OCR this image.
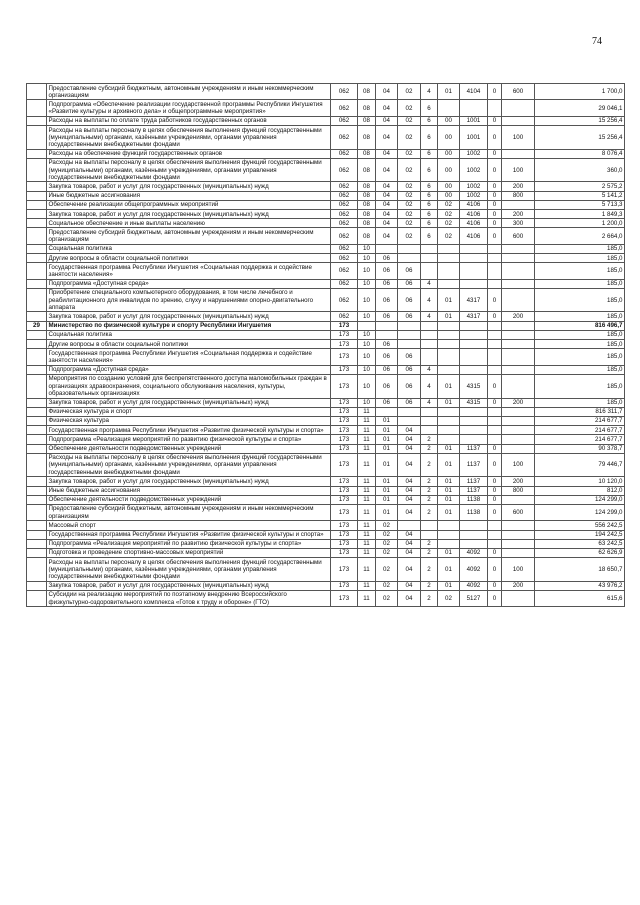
74
	Предоставление субсидий бюджетным, автономным учреждениям и иным некоммерческим организациям	062	08	04	02	4	01	4104	0	600	1 700,0
	Подпрограмма «Обеспечение реализации государственной программы Республики Ингушетия «Развитие культуры и архивного дела» и общепрограммные мероприятия»	062	08	04	02	6					29 046,1
	Расходы на выплаты по оплате труда работников государственных органов	062	08	04	02	6	00	1001	0		15 256,4
	Расходы на выплаты персоналу в целях обеспечения выполнения функций государственными (муниципальными) органами, казёнными учреждениями, органами управления государственными внебюджетными фондами	062	08	04	02	6	00	1001	0	100	15 256,4
	Расходы на обеспечение функций государственных органов	062	08	04	02	6	00	1002	0		8 076,4
	Расходы на выплаты персоналу в целях обеспечения выполнения функций государственными (муниципальными) органами, казёнными учреждениями, органами управления государственными внебюджетными фондами	062	08	04	02	6	00	1002	0	100	360,0
	Закупка товаров, работ и услуг для государственных (муниципальных) нужд	062	08	04	02	6	00	1002	0	200	2 575,2
	Иные бюджетные ассигнования	062	08	04	02	6	00	1002	0	800	5 141,2
	Обеспечение реализации общепрограммных мероприятий	062	08	04	02	6	02	4106	0		5 713,3
	Закупка товаров, работ и услуг для государственных (муниципальных) нужд	062	08	04	02	6	02	4106	0	200	1 849,3
	Социальное обеспечение и иные выплаты населению	062	08	04	02	6	02	4106	0	300	1 200,0
	Предоставление субсидий бюджетным, автономным учреждениям и иным некоммерческим организациям	062	08	04	02	6	02	4106	0	600	2 664,0
	Социальная политика	062	10								185,0
	Другие вопросы в области социальной политики	062	10	06							185,0
	Государственная программа Республики Ингушетия «Социальная поддержка и содействие занятости населения»	062	10	06	06						185,0
	Подпрограмма «Доступная среда»	062	10	06	06	4					185,0
	Приобретение специального компьютерного оборудования, в том числе лечебного и реабилитационного для инвалидов по зрению, слуху и нарушениями опорно-двигательного аппарата	062	10	06	06	4	01	4317	0		185,0
	Закупка товаров, работ и услуг для государственных (муниципальных) нужд	062	10	06	06	4	01	4317	0	200	185,0
29	Министерство по физической культуре и спорту Республики Ингушетия	173									816 496,7
	Социальная политика	173	10								185,0
	Другие вопросы в области социальной политики	173	10	06							185,0
	Государственная программа Республики Ингушетия «Социальная поддержка и содействие занятости населения»	173	10	06	06						185,0
	Подпрограмма «Доступная среда»	173	10	06	06	4					185,0
	Мероприятия по созданию условий для беспрепятственного доступа маломобильных граждан в организациях здравоохранения, социального обслуживания населения, культуры, образовательных организациях	173	10	06	06	4	01	4315	0		185,0
	Закупка товаров, работ и услуг для государственных (муниципальных) нужд	173	10	06	06	4	01	4315	0	200	185,0
	Физическая культура и спорт	173	11								816 311,7
	Физическая культура	173	11	01							214 677,7
	Государственная программа Республики Ингушетия «Развитие физической культуры и спорта»	173	11	01	04						214 677,7
	Подпрограмма «Реализация мероприятий по развитию физической культуры и спорта»	173	11	01	04	2					214 677,7
	Обеспечение деятельности подведомственных учреждений	173	11	01	04	2	01	1137	0		90 378,7
	Расходы на выплаты персоналу в целях обеспечения выполнения функций государственными (муниципальными) органами, казёнными учреждениями, органами управления государственными внебюджетными фондами	173	11	01	04	2	01	1137	0	100	79 446,7
	Закупка товаров, работ и услуг для государственных (муниципальных) нужд	173	11	01	04	2	01	1137	0	200	10 120,0
	Иные бюджетные ассигнования	173	11	01	04	2	01	1137	0	800	812,0
	Обеспечение деятельности подведомственных учреждений	173	11	01	04	2	01	1138	0		124 299,0
	Предоставление субсидий бюджетным, автономным учреждениям и иным некоммерческим организациям	173	11	01	04	2	01	1138	0	600	124 299,0
	Массовый спорт	173	11	02							556 242,5
	Государственная программа Республики Ингушетия «Развитие физической культуры и спорта»	173	11	02	04						194 242,5
	Подпрограмма «Реализация мероприятий по развитию физической культуры и спорта»	173	11	02	04	2					63 242,5
	Подготовка и проведение спортивно-массовых мероприятий	173	11	02	04	2	01	4092	0		62 626,9
	Расходы на выплаты персоналу в целях обеспечения выполнения функций государственными (муниципальными) органами, казёнными учреждениями, органами управления государственными внебюджетными фондами	173	11	02	04	2	01	4092	0	100	18 650,7
	Закупка товаров, работ и услуг для государственных (муниципальных) нужд	173	11	02	04	2	01	4092	0	200	43 976,2
	Субсидии на реализацию мероприятий по поэтапному внедрению Всероссийского физкультурно-оздоровительного комплекса «Готов к труду и обороне» (ГТО)	173	11	02	04	2	02	5127	0		615,6
